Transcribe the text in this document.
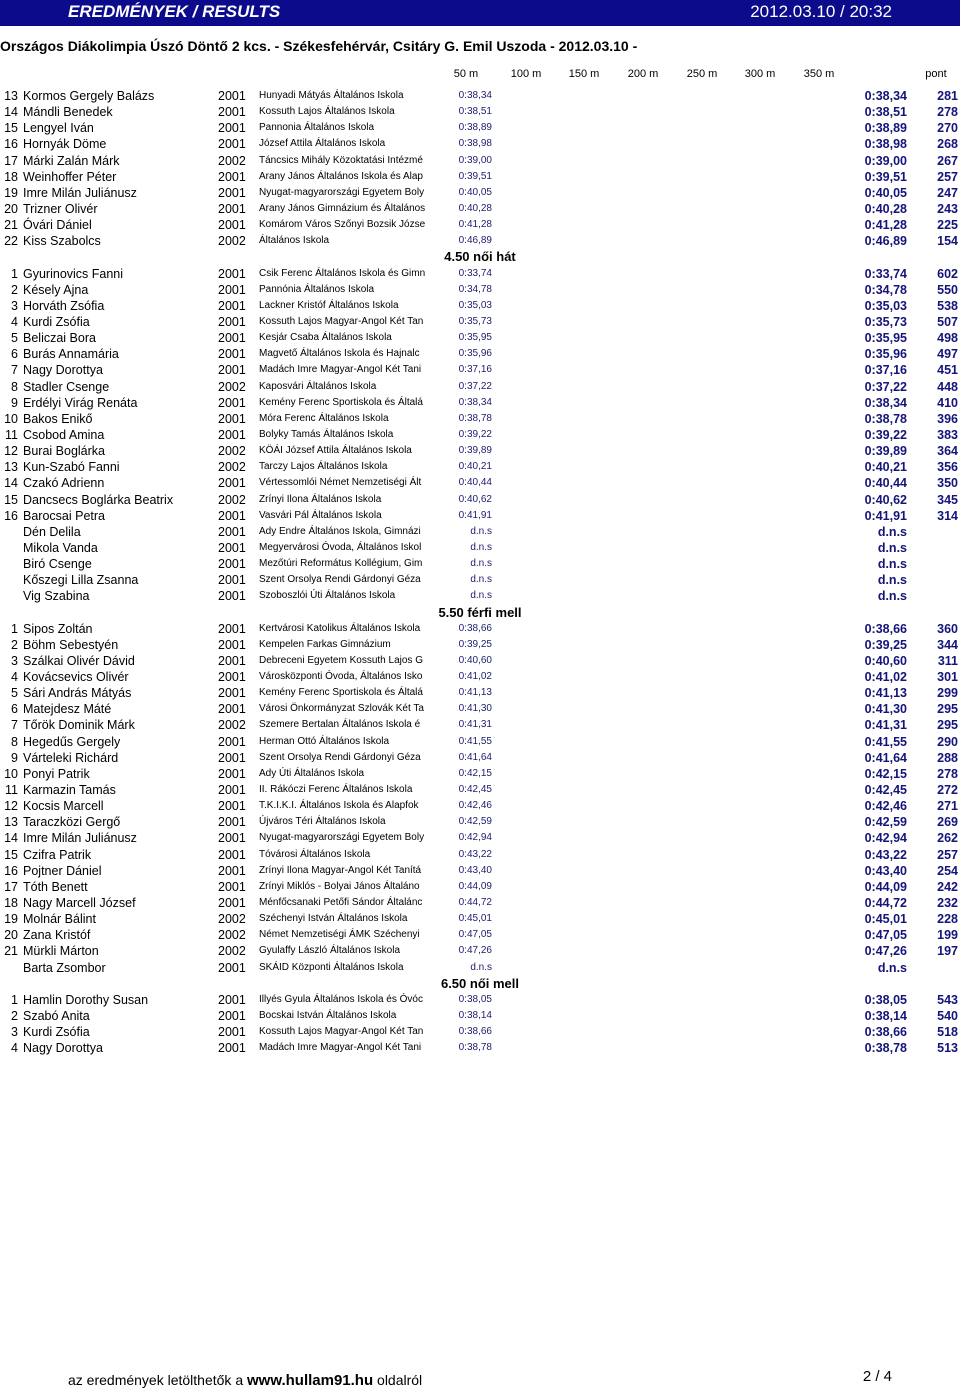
EREDMÉNYEK / RESULTS	2012.03.10 / 20:32
Országos Diákolimpia Úszó Döntő 2 kcs. - Székesfehérvár, Csitáry G. Emil Uszoda - 2012.03.10 -
50 m	100 m 150 m	200 m	250 m 300 m	350 m	pont
13 Kormos Gergely Balázs	2001 Hunyadi Mátyás Általános Iskola	0:38,34	0:38,34	281
14 Mándli Benedek	2001 Kossuth Lajos Általános Iskola	0:38,51	0:38,51	278
15 Lengyel Iván	2001 Pannonia Általános Iskola	0:38,89	0:38,89	270
16 Hornyák Döme	2001 József Attila Általános Iskola	0:38,98	0:38,98	268
17 Márki Zalán Márk	2002 Táncsics Mihály Közoktatási Intézmé	0:39,00	0:39,00	267
18 Weinhoffer Péter	2001 Arany János Általános Iskola és Alap	0:39,51	0:39,51	257
19 Imre Milán Juliánusz	2001 Nyugat-magyarországi Egyetem Boly	0:40,05	0:40,05	247
20 Trizner Olivér	2001 Arany János Gimnázium és Általános	0:40,28	0:40,28	243
21 Óvári Dániel	2001 Komárom Város Szőnyi Bozsik Józse	0:41,28	0:41,28	225
22 Kiss Szabolcs	2002 Általános Iskola	0:46,89	0:46,89	154
4.50 női hát
1 Gyurinovics Fanni	2001 Csik Ferenc Általános Iskola és Gimn	0:33,74	0:33,74	602
2 Késely Ajna	2001 Pannónia Általános Iskola	0:34,78	0:34,78	550
3 Horváth Zsófia	2001 Lackner Kristóf Általános Iskola	0:35,03	0:35,03	538
4 Kurdi Zsófia	2001 Kossuth Lajos Magyar-Angol Két Tan	0:35,73	0:35,73	507
5 Beliczai Bora	2001 Kesjár Csaba Általános Iskola	0:35,95	0:35,95	498
6 Burás Annamária	2001 Magvető Általános Iskola és Hajnalc	0:35,96	0:35,96	497
7 Nagy Dorottya	2001 Madách Imre Magyar-Angol Két Tani	0:37,16	0:37,16	451
8 Stadler Csenge	2002 Kaposvári Általános Iskola	0:37,22	0:37,22	448
9 Erdélyi Virág Renáta	2001 Kemény Ferenc Sportiskola és Általá	0:38,34	0:38,34	410
10 Bakos Enikő	2001 Móra Ferenc Általános Iskola	0:38,78	0:38,78	396
11 Csobod Amina	2001 Bolyky Tamás Általános Iskola	0:39,22	0:39,22	383
12 Burai Boglárka	2002 KÖÁI József Attila Általános Iskola	0:39,89	0:39,89	364
13 Kun-Szabó Fanni	2002 Tarczy Lajos Általános Iskola	0:40,21	0:40,21	356
14 Czakó Adrienn	2001 Vértessomlói Német Nemzetiségi Ált	0:40,44	0:40,44	350
15 Dancsecs Boglárka Beatrix	2002 Zrínyi Ilona Általános Iskola	0:40,62	0:40,62	345
16 Barocsai Petra	2001 Vasvári Pál Általános Iskola	0:41,91	0:41,91	314
Dén Delila	2001 Ady Endre Általános Iskola, Gimnázi	d.n.s	d.n.s
Mikola Vanda	2001 Megyervárosi Óvoda, Általános Iskol	d.n.s	d.n.s
Biró Csenge	2001 Mezőtúri Református Kollégium, Gim	d.n.s	d.n.s
Kőszegi Lilla Zsanna	2001 Szent Orsolya Rendi Gárdonyi Géza	d.n.s	d.n.s
Vig Szabina	2001 Szoboszlói Úti Általános Iskola	d.n.s	d.n.s
5.50 férfi mell
1 Sipos Zoltán	2001 Kertvárosi Katolikus Általános Iskola	0:38,66	0:38,66	360
2 Böhm Sebestyén	2001 Kempelen Farkas Gimnázium	0:39,25	0:39,25	344
3 Szálkai Olivér Dávid	2001 Debreceni Egyetem Kossuth Lajos G	0:40,60	0:40,60	311
4 Kovácsevics Olivér	2001 Városközponti Óvoda, Általános Isko	0:41,02	0:41,02	301
5 Sári András Mátyás	2001 Kemény Ferenc Sportiskola és Általá	0:41,13	0:41,13	299
6 Matejdesz Máté	2001 Városi Önkormányzat Szlovák Két Ta	0:41,30	0:41,30	295
7 Tőrök Dominik Márk	2002 Szemere Bertalan Általános Iskola é	0:41,31	0:41,31	295
8 Hegedűs Gergely	2001 Herman Ottó Általános Iskola	0:41,55	0:41,55	290
9 Vártelеki Richárd	2001 Szent Orsolya Rendi Gárdonyi Géza	0:41,64	0:41,64	288
10 Ponyi Patrik	2001 Ady Úti Általános Iskola	0:42,15	0:42,15	278
11 Karmazin Tamás	2001 II. Rákóczi Ferenc Általános Iskola	0:42,45	0:42,45	272
12 Kocsis Marcell	2001 T.K.I.K.I. Általános Iskola és Alapfok	0:42,46	0:42,46	271
13 Taraczközi Gergő	2001 Újváros Téri Általános Iskola	0:42,59	0:42,59	269
14 Imre Milán Juliánusz	2001 Nyugat-magyarországi Egyetem Boly	0:42,94	0:42,94	262
15 Czifra Patrik	2001 Tóvárosi Általános Iskola	0:43,22	0:43,22	257
16 Pojtner Dániel	2001 Zrínyi Ilona Magyar-Angol Két Tanítá	0:43,40	0:43,40	254
17 Tóth Benett	2001 Zrínyi Miklós - Bolyai János Általáno	0:44,09	0:44,09	242
18 Nagy Marcell József	2001 Ménfőcsanaki Petőfi Sándor Általánc	0:44,72	0:44,72	232
19 Molnár Bálint	2002 Széchenyi István Általános Iskola	0:45,01	0:45,01	228
20 Zana Kristóf	2002 Német Nemzetiségi ÁMK Széchenyi	0:47,05	0:47,05	199
21 Mürkli Márton	2002 Gyulaffy László Általános Iskola	0:47,26	0:47,26	197
Barta Zsombor	2001 SKÁID Központi Általános Iskola	d.n.s	d.n.s
6.50 női mell
1 Hamlin Dorothy Susan	2001 Illyés Gyula Általános Iskola és Óvóc	0:38,05	0:38,05	543
2 Szabó Anita	2001 Bocskai István Általános Iskola	0:38,14	0:38,14	540
3 Kurdi Zsófia	2001 Kossuth Lajos Magyar-Angol Két Tan	0:38,66	0:38,66	518
4 Nagy Dorottya	2001 Madách Imre Magyar-Angol Két Tani	0:38,78	0:38,78	513
az eredmények letölthetők a www.hullam91.hu oldalról	2 / 4
